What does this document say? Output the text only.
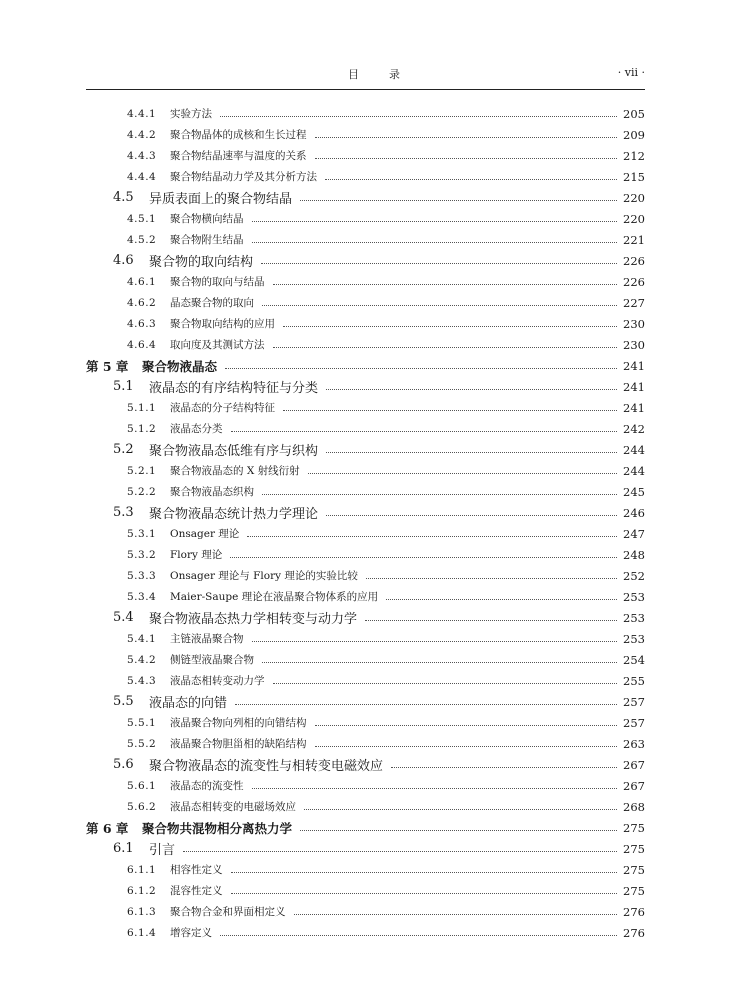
目	录	· vii ·
4.4.1	实验方法	205
4.4.2	聚合物晶体的成核和生长过程	209
4.4.3	聚合物结晶速率与温度的关系	212
4.4.4	聚合物结晶动力学及其分析方法	215
4.5	异质表面上的聚合物结晶	220
4.5.1	聚合物横向结晶	220
4.5.2	聚合物附生结晶	221
4.6	聚合物的取向结构	226
4.6.1	聚合物的取向与结晶	226
4.6.2	晶态聚合物的取向	227
4.6.3	聚合物取向结构的应用	230
4.6.4	取向度及其测试方法	230
第 5 章	聚合物液晶态	241
5.1	液晶态的有序结构特征与分类	241
5.1.1	液晶态的分子结构特征	241
5.1.2	液晶态分类	242
5.2	聚合物液晶态低维有序与织构	244
5.2.1	聚合物液晶态的 X 射线衍射	244
5.2.2	聚合物液晶态织构	245
5.3	聚合物液晶态统计热力学理论	246
5.3.1	Onsager 理论	247
5.3.2	Flory 理论	248
5.3.3	Onsager 理论与 Flory 理论的实验比较	252
5.3.4	Maier-Saupe 理论在液晶聚合物体系的应用	253
5.4	聚合物液晶态热力学相转变与动力学	253
5.4.1	主链液晶聚合物	253
5.4.2	侧链型液晶聚合物	254
5.4.3	液晶态相转变动力学	255
5.5	液晶态的向错	257
5.5.1	液晶聚合物向列相的向错结构	257
5.5.2	液晶聚合物胆甾相的缺陷结构	263
5.6	聚合物液晶态的流变性与相转变电磁效应	267
5.6.1	液晶态的流变性	267
5.6.2	液晶态相转变的电磁场效应	268
第 6 章	聚合物共混物相分离热力学	275
6.1	引言	275
6.1.1	相容性定义	275
6.1.2	混容性定义	275
6.1.3	聚合物合金和界面相定义	276
6.1.4	增容定义	276
